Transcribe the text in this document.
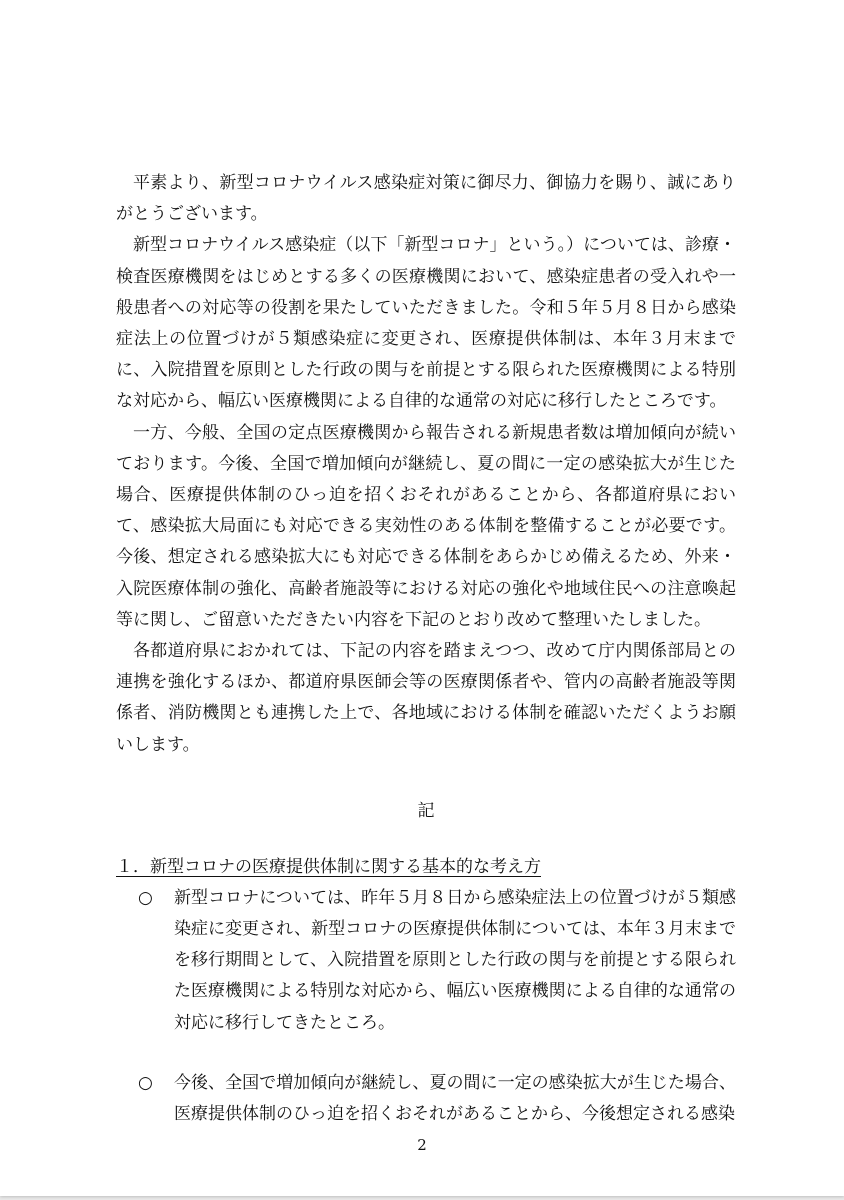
平素より、新型コロナウイルス感染症対策に御尽力、御協力を賜り、誠にありがとうございます。

新型コロナウイルス感染症（以下「新型コロナ」という。）については、診療・検査医療機関をはじめとする多くの医療機関において、感染症患者の受入れや一般患者への対応等の役割を果たしていただきました。令和５年５月８日から感染症法上の位置づけが５類感染症に変更され、医療提供体制は、本年３月末までに、入院措置を原則とした行政の関与を前提とする限られた医療機関による特別な対応から、幅広い医療機関による自律的な通常の対応に移行したところです。

一方、今般、全国の定点医療機関から報告される新規患者数は増加傾向が続いております。今後、全国で増加傾向が継続し、夏の間に一定の感染拡大が生じた場合、医療提供体制のひっ迫を招くおそれがあることから、各都道府県において、感染拡大局面にも対応できる実効性のある体制を整備することが必要です。今後、想定される感染拡大にも対応できる体制をあらかじめ備えるため、外来・入院医療体制の強化、高齢者施設等における対応の強化や地域住民への注意喚起等に関し、ご留意いただきたい内容を下記のとおり改めて整理いたしました。

各都道府県におかれては、下記の内容を踏まえつつ、改めて庁内関係部局との連携を強化するほか、都道府県医師会等の医療関係者や、管内の高齢者施設等関係者、消防機関とも連携した上で、各地域における体制を確認いただくようお願いします。

記

１．新型コロナの医療提供体制に関する基本的な考え方

○	新型コロナについては、昨年５月８日から感染症法上の位置づけが５類感染症に変更され、新型コロナの医療提供体制については、本年３月末までを移行期間として、入院措置を原則とした行政の関与を前提とする限られた医療機関による特別な対応から、幅広い医療機関による自律的な通常の対応に移行してきたところ。
○	今後、全国で増加傾向が継続し、夏の間に一定の感染拡大が生じた場合、医療提供体制のひっ迫を招くおそれがあることから、今後想定される感染
2
